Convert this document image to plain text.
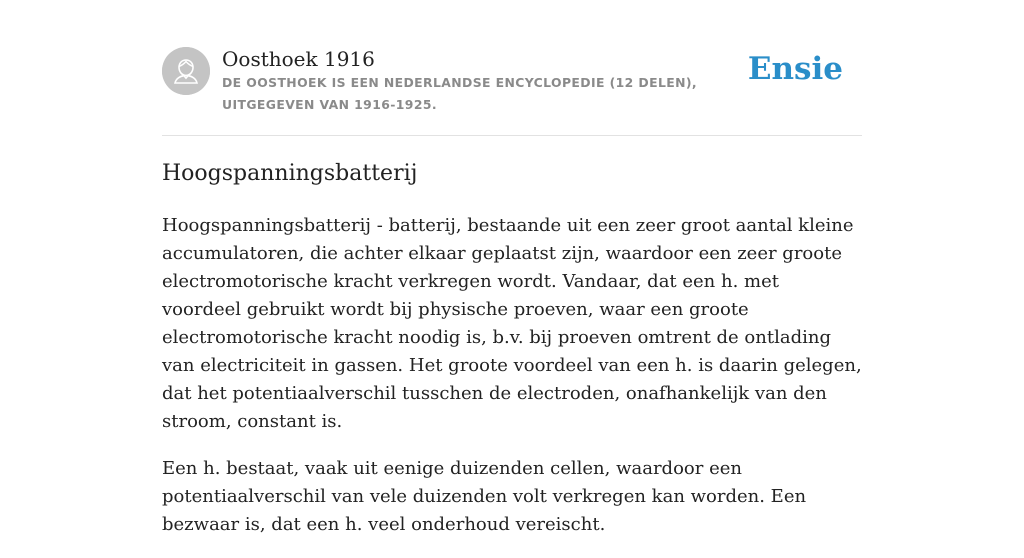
Oosthoek 1916
DE OOSTHOEK IS EEN NEDERLANDSE ENCYCLOPEDIE (12 DELEN), UITGEGEVEN VAN 1916-1925.
Ensie
Hoogspanningsbatterij

Hoogspanningsbatterij - batterij, bestaande uit een zeer groot aantal kleine accumulatoren, die achter elkaar geplaatst zijn, waardoor een zeer groote electromotorische kracht verkregen wordt. Vandaar, dat een h. met voordeel gebruikt wordt bij physische proeven, waar een groote electromotorische kracht noodig is, b.v. bij proeven omtrent de ontlading van electriciteit in gassen. Het groote voordeel van een h. is daarin gelegen, dat het potentiaalverschil tusschen de electroden, onafhankelijk van den stroom, constant is.

Een h. bestaat, vaak uit eenige duizenden cellen, waardoor een potentiaalverschil van vele duizenden volt verkregen kan worden. Een bezwaar is, dat een h. veel onderhoud vereischt.
